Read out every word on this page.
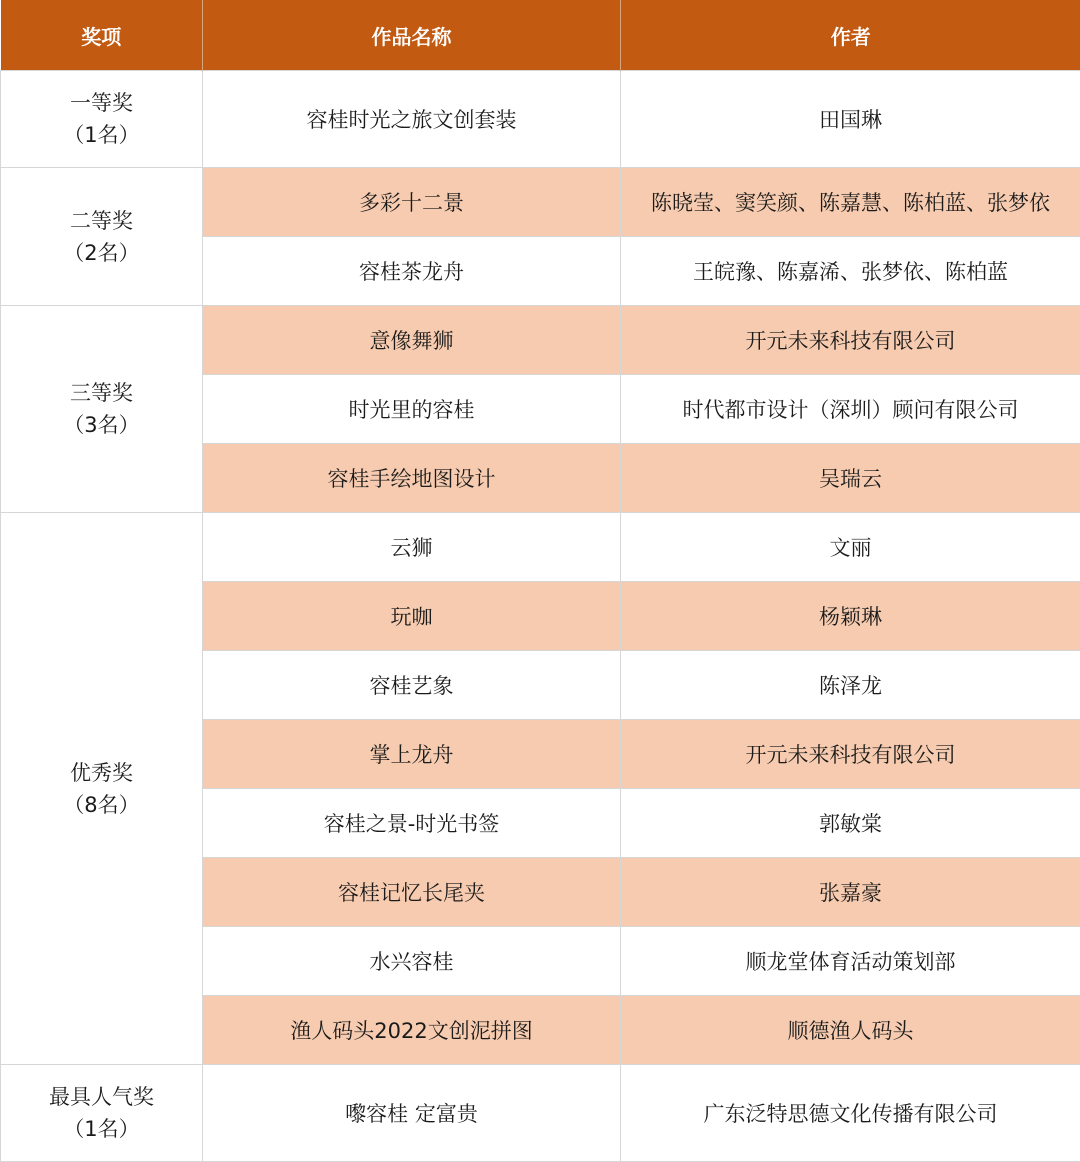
奖项	作品名称	作者

一等奖
（1名）	容桂时光之旅文创套装	田国琳

二等奖
（2名）	多彩十二景	陈晓莹、窦笑颜、陈嘉慧、陈柏蓝、张梦依
	容桂茶龙舟	王皖豫、陈嘉浠、张梦依、陈柏蓝

三等奖
（3名）	意像舞狮	开元未来科技有限公司
	时光里的容桂	时代都市设计（深圳）顾问有限公司
	容桂手绘地图设计	吴瑞云

优秀奖
（8名）	云狮	文丽
	玩咖	杨颖琳
	容桂艺象	陈泽龙
	掌上龙舟	开元未来科技有限公司
	容桂之景-时光书签	郭敏棠
	容桂记忆长尾夹	张嘉豪
	水兴容桂	顺龙堂体育活动策划部
	渔人码头2022文创泥拼图	顺德渔人码头

最具人气奖
（1名）	嚟容桂 定富贵	广东泛特思德文化传播有限公司
